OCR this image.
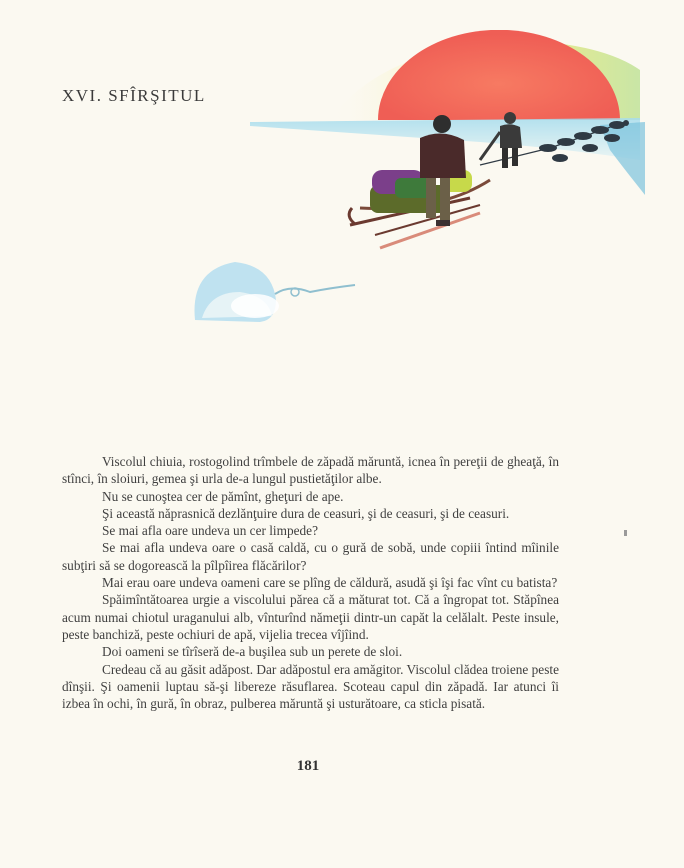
XVI. SFÎRŞITUL

Viscolul chiuia, rostogolind trîmbele de zăpadă măruntă, icnea în pereţii de gheaţă, în stînci, în sloiuri, gemea şi urla de-a lungul pustietăţilor albe.

Nu se cunoştea cer de pămînt, gheţuri de ape.

Şi această năprasnică dezlănţuire dura de ceasuri, şi de ceasuri, şi de ceasuri.

Se mai afla oare undeva un cer limpede?

Se mai afla undeva oare o casă caldă, cu o gură de sobă, unde copiii întind mîinile subţiri să se dogorească la pîlpîirea flăcărilor?

Mai erau oare undeva oameni care se plîng de căldură, asudă şi îşi fac vînt cu batista?

Spăimîntătoarea urgie a viscolului părea că a măturat tot. Că a îngropat tot. Stăpînea acum numai chiotul uraganului alb, vînturînd nămeţii dintr-un capăt la celălalt. Peste insule, peste banchiză, peste ochiuri de apă, vijelia trecea vîjîind.

Doi oameni se tîrîseră de-a buşilea sub un perete de sloi.

Credeau că au găsit adăpost. Dar adăpostul era amăgitor. Viscolul clădea troiene peste dînşii. Şi oamenii luptau să-şi libereze răsuflarea. Scoteau capul din zăpadă. Iar atunci îi izbea în ochi, în gură, în obraz, pulberea măruntă şi usturătoare, ca sticla pisată.

181
